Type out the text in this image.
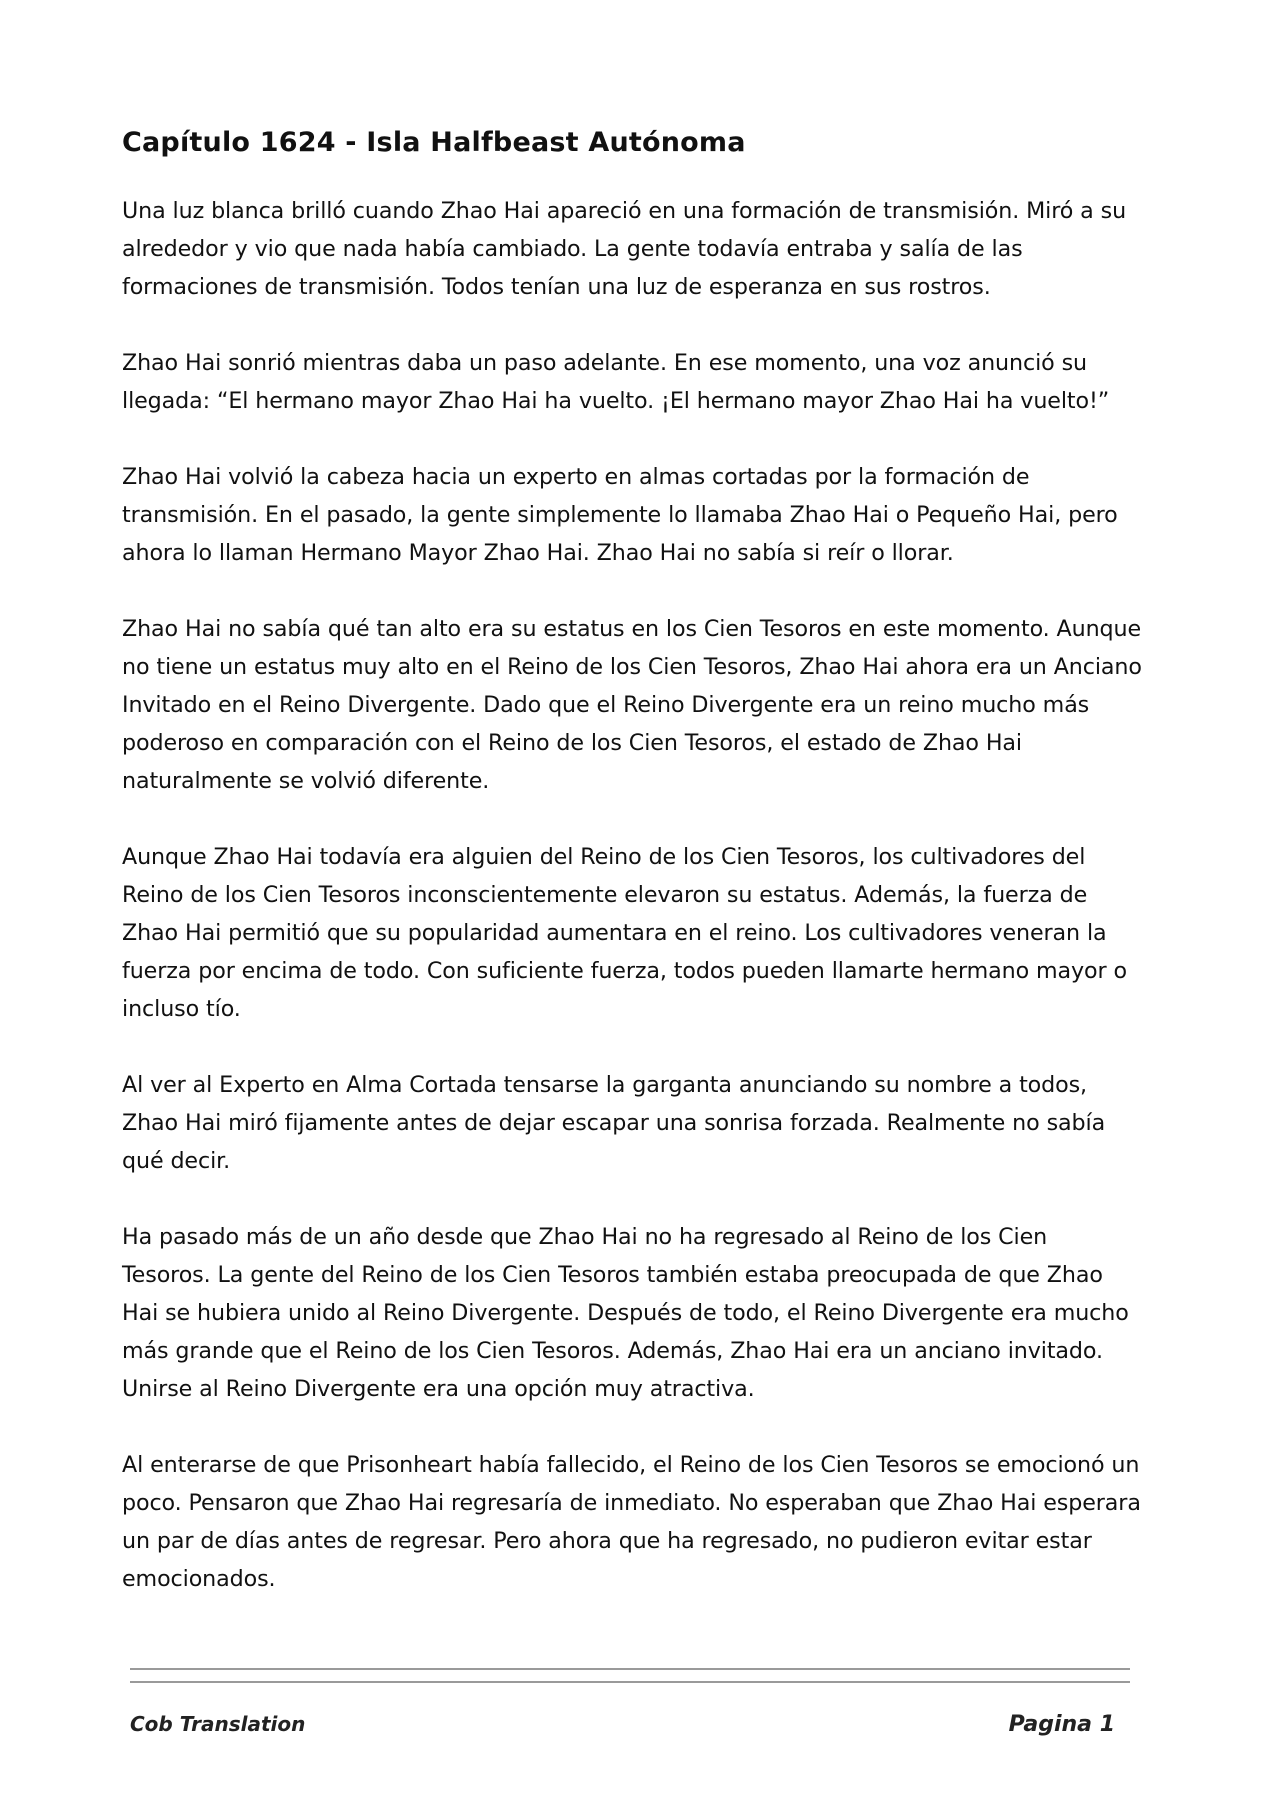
Capítulo 1624 - Isla Halfbeast Autónoma

Una luz blanca brilló cuando Zhao Hai apareció en una formación de transmisión. Miró a su alrededor y vio que nada había cambiado. La gente todavía entraba y salía de las formaciones de transmisión. Todos tenían una luz de esperanza en sus rostros.

Zhao Hai sonrió mientras daba un paso adelante. En ese momento, una voz anunció su llegada: “El hermano mayor Zhao Hai ha vuelto. ¡El hermano mayor Zhao Hai ha vuelto!”

Zhao Hai volvió la cabeza hacia un experto en almas cortadas por la formación de transmisión. En el pasado, la gente simplemente lo llamaba Zhao Hai o Pequeño Hai, pero ahora lo llaman Hermano Mayor Zhao Hai. Zhao Hai no sabía si reír o llorar.

Zhao Hai no sabía qué tan alto era su estatus en los Cien Tesoros en este momento. Aunque no tiene un estatus muy alto en el Reino de los Cien Tesoros, Zhao Hai ahora era un Anciano Invitado en el Reino Divergente. Dado que el Reino Divergente era un reino mucho más poderoso en comparación con el Reino de los Cien Tesoros, el estado de Zhao Hai naturalmente se volvió diferente.

Aunque Zhao Hai todavía era alguien del Reino de los Cien Tesoros, los cultivadores del Reino de los Cien Tesoros inconscientemente elevaron su estatus. Además, la fuerza de Zhao Hai permitió que su popularidad aumentara en el reino. Los cultivadores veneran la fuerza por encima de todo. Con suficiente fuerza, todos pueden llamarte hermano mayor o incluso tío.

Al ver al Experto en Alma Cortada tensarse la garganta anunciando su nombre a todos, Zhao Hai miró fijamente antes de dejar escapar una sonrisa forzada. Realmente no sabía qué decir.

Ha pasado más de un año desde que Zhao Hai no ha regresado al Reino de los Cien Tesoros. La gente del Reino de los Cien Tesoros también estaba preocupada de que Zhao Hai se hubiera unido al Reino Divergente. Después de todo, el Reino Divergente era mucho más grande que el Reino de los Cien Tesoros. Además, Zhao Hai era un anciano invitado. Unirse al Reino Divergente era una opción muy atractiva.

Al enterarse de que Prisonheart había fallecido, el Reino de los Cien Tesoros se emocionó un poco. Pensaron que Zhao Hai regresaría de inmediato. No esperaban que Zhao Hai esperara un par de días antes de regresar. Pero ahora que ha regresado, no pudieron evitar estar emocionados.

Cob Translation	Pagina 1
